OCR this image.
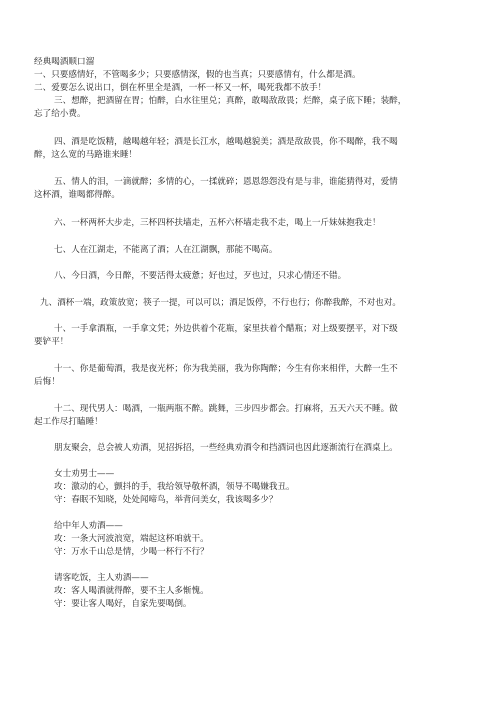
经典喝酒顺口溜
一、只要感情好，不管喝多少；只要感情深，假的也当真；只要感情有，什么都是酒。
二、爱要怎么说出口，倒在杯里全是酒，一杯一杯又一杯，喝死我都不放手！
三、想醉，把酒留在胃；怕醉，白水往里兑；真醉，敢喝敌敌畏；烂醉，桌子底下睡；装醉，
忘了给小费。
四、酒是吃饭精，越喝越年轻；酒是长江水，越喝越貌美；酒是敌敌畏，你不喝醉，我不喝
醉，这么宽的马路谁来睡！
五、情人的泪，一滴就醉；多情的心，一揉就碎；恩恩怨怨没有是与非，谁能猜得对，爱情
这杯酒，谁喝都得醉。
六、一杯两杯大步走，三杯四杯扶墙走，五杯六杯墙走我不走，喝上一斤妹妹抱我走！
七、人在江湖走，不能离了酒；人在江湖飘，那能不喝高。
八、今日酒，今日醉，不要活得太疲惫；好也过，歹也过，只求心情还不错。
九、酒杯一端，政策放宽；筷子一提，可以可以；酒足饭停，不行也行；你醉我醉，不对也对。
十、一手拿酒瓶，一手拿文凭；外边供着个花瓶，家里扶着个醋瓶；对上级要摆平，对下级
要铲平！
十一、你是葡萄酒，我是夜光杯；你为我美丽，我为你陶醉；今生有你来相伴，大醉一生不
后悔！
十二、现代男人：喝酒，一瓶两瓶不醉。跳舞，三步四步都会。打麻将，五天六天不睡。做
起工作尽打瞌睡！
朋友聚会，总会被人劝酒，见招拆招，一些经典劝酒令和挡酒词也因此逐渐流行在酒桌上。
女士劝男士——
攻：激动的心，颤抖的手，我给领导敬杯酒，领导不喝嫌我丑。
守：春眠不知晓，处处闻啼鸟，举背问美女，我该喝多少？
给中年人劝酒——
攻：一条大河波浪宽，端起这杯咱就干。
守：万水千山总是情，少喝一杯行不行？
请客吃饭，主人劝酒——
攻：客人喝酒就得醉，要不主人多惭愧。
守：要让客人喝好，自家先要喝倒。
